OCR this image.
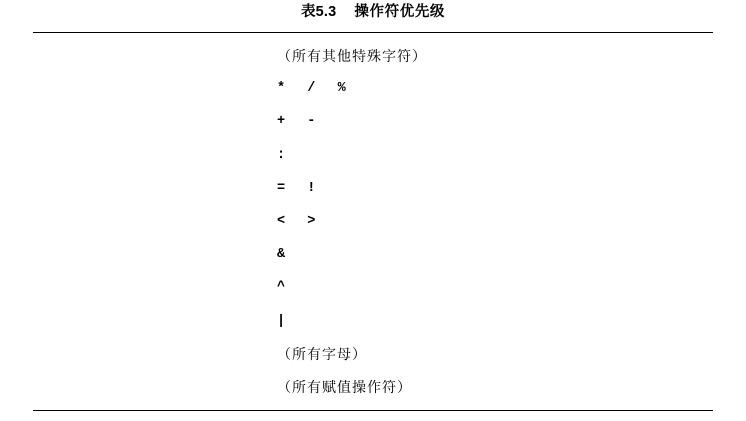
表5.3 操作符优先级
（所有其他特殊字符）
*  /  %
+  -
:
=  !
<  >
&
^
|
（所有字母）
（所有赋值操作符）
